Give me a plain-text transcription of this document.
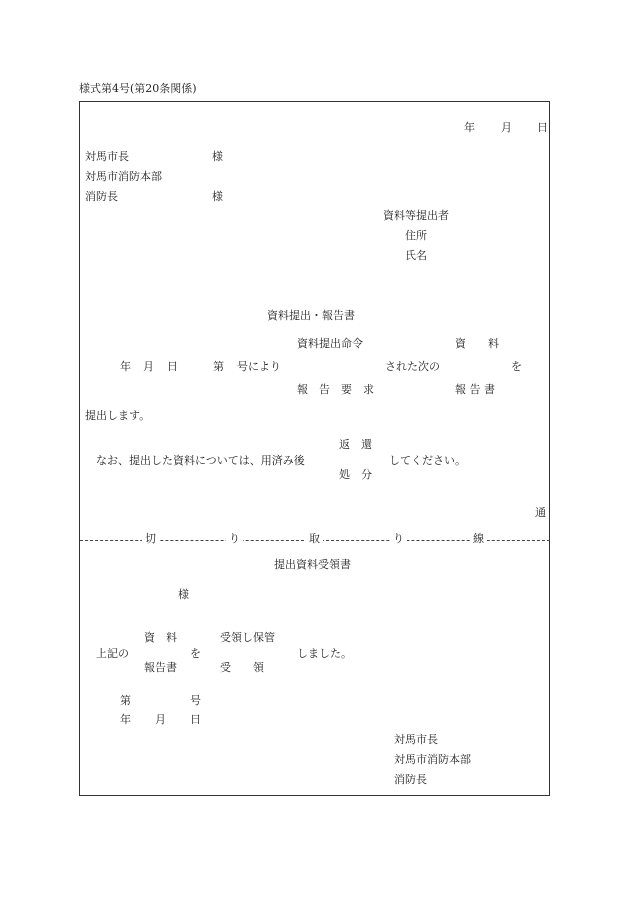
様式第4号(第20条関係)
年 月 日
対馬市長	様
対馬市消防本部
消防長	様
資料等提出者
住所
氏名
資料提出・報告書
資料提出命令	資　　料
年 月 日	第 号により	された次の	を
報　告　要　求	報 告 書
提出します。
返　還
なお、提出した資料については、用済み後	してください。
処　分
通
切	り	取	り	線
提出資料受領書
様
資　料	受領し保管
上記の	を	しました。
報告書	受　　領
第	号
年 月 日
対馬市長
対馬市消防本部
消防長
